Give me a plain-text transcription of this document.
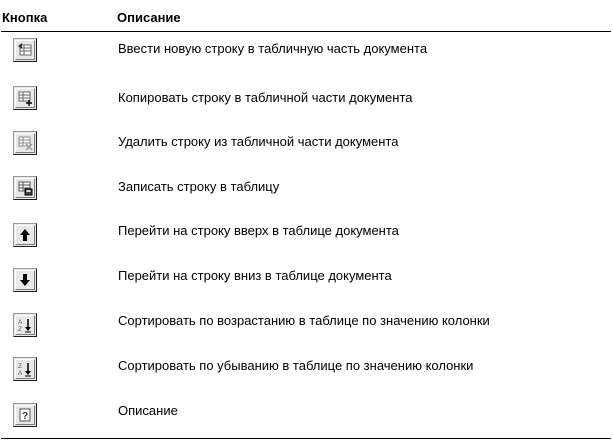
Кнопка	Описание
Ввести новую строку в табличную часть документа
Копировать строку в табличной части документа
Удалить строку из табличной части документа
Записать строку в таблицу
Перейти на строку вверх в таблице документа
Перейти на строку вниз в таблице документа
A
Z
Сортировать по возрастанию в таблице по значению колонки
Z
A
Сортировать по убыванию в таблице по значению колонки
?	Описание
